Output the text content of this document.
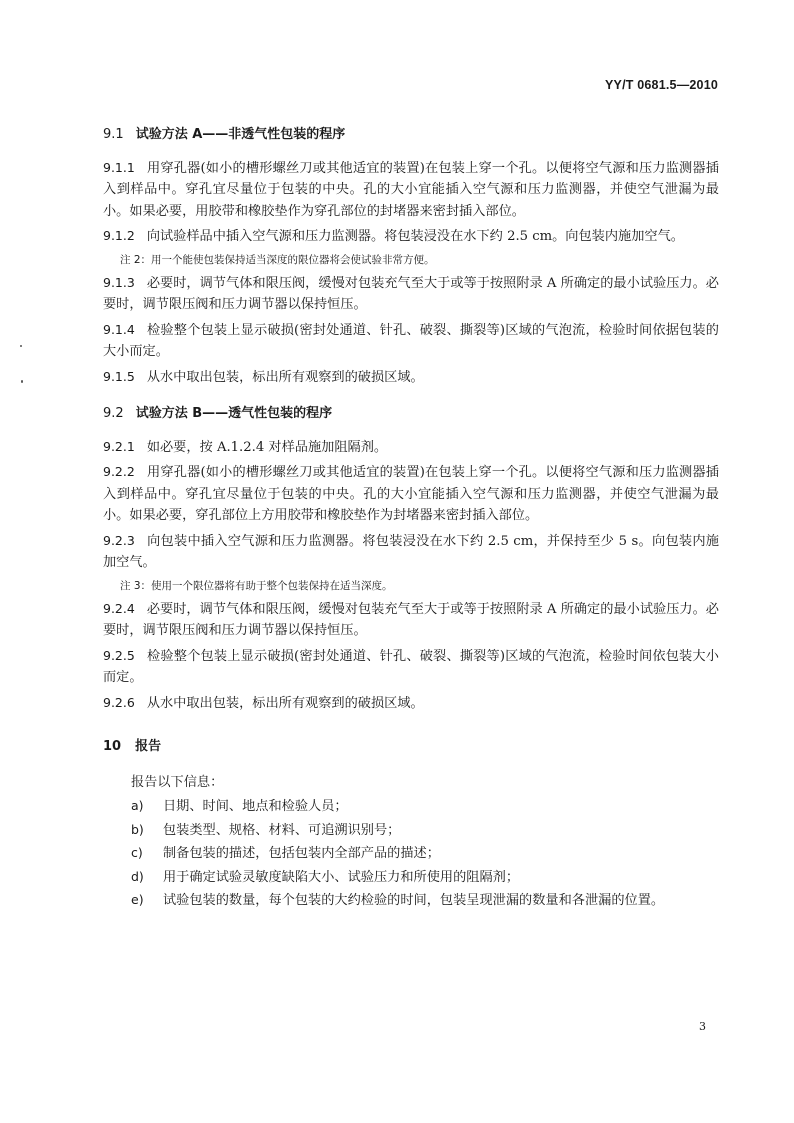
YY/T 0681.5—2010
9.1 试验方法 A——非透气性包装的程序
9.1.1 用穿孔器(如小的槽形螺丝刀或其他适宜的装置)在包装上穿一个孔。以便将空气源和压力监测器插入到样品中。穿孔宜尽量位于包装的中央。孔的大小宜能插入空气源和压力监测器，并使空气泄漏为最小。如果必要，用胶带和橡胶垫作为穿孔部位的封堵器来密封插入部位。
9.1.2 向试验样品中插入空气源和压力监测器。将包装浸没在水下约 2.5 cm。向包装内施加空气。
注 2：用一个能使包装保持适当深度的限位器将会使试验非常方便。
9.1.3 必要时，调节气体和限压阀，缓慢对包装充气至大于或等于按照附录 A 所确定的最小试验压力。必要时，调节限压阀和压力调节器以保持恒压。
9.1.4 检验整个包装上显示破损(密封处通道、针孔、破裂、撕裂等)区域的气泡流，检验时间依据包装的大小而定。
9.1.5 从水中取出包装，标出所有观察到的破损区域。
9.2 试验方法 B——透气性包装的程序
9.2.1 如必要，按 A.1.2.4 对样品施加阻隔剂。
9.2.2 用穿孔器(如小的槽形螺丝刀或其他适宜的装置)在包装上穿一个孔。以便将空气源和压力监测器插入到样品中。穿孔宜尽量位于包装的中央。孔的大小宜能插入空气源和压力监测器，并使空气泄漏为最小。如果必要，穿孔部位上方用胶带和橡胶垫作为封堵器来密封插入部位。
9.2.3 向包装中插入空气源和压力监测器。将包装浸没在水下约 2.5 cm，并保持至少 5 s。向包装内施加空气。
注 3：使用一个限位器将有助于整个包装保持在适当深度。
9.2.4 必要时，调节气体和限压阀，缓慢对包装充气至大于或等于按照附录 A 所确定的最小试验压力。必要时，调节限压阀和压力调节器以保持恒压。
9.2.5 检验整个包装上显示破损(密封处通道、针孔、破裂、撕裂等)区域的气泡流，检验时间依包装大小而定。
9.2.6 从水中取出包装，标出所有观察到的破损区域。
10 报告
报告以下信息：
a) 日期、时间、地点和检验人员；
b) 包装类型、规格、材料、可追溯识别号；
c) 制备包装的描述，包括包装内全部产品的描述；
d) 用于确定试验灵敏度缺陷大小、试验压力和所使用的阻隔剂；
e) 试验包装的数量，每个包装的大约检验的时间，包装呈现泄漏的数量和各泄漏的位置。
3
